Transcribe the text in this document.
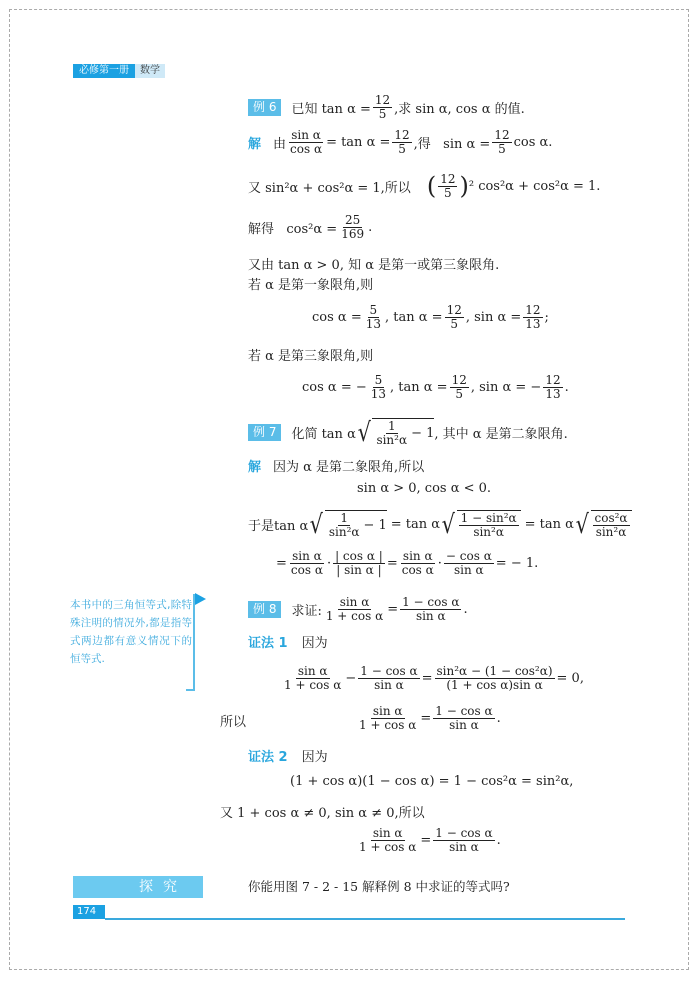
必修第一册	数学
例 6	已知 $\tan \alpha = \frac{12}{5}$ ,求 sin α, cos α 的值.
解 由 $\frac{\text{sin α}}{\text{cos α}} = \tan \alpha = \frac{12}{5}$ ,得   $\sin \alpha = \frac{12}{5}$ cos α.
又 sin²α + cos²α = 1,所以 ( $\frac{12}{5}$ ) ² cos²α + cos²α = 1.
解得   $\cos^2\alpha = \frac{25}{169}$ .
又由 tan α > 0, 知 α 是第一或第三象限角.
若 α 是第一象限角,则
$\cos \alpha = \frac{5}{13}$ , $\tan \alpha = \frac{12}{5}$ , $\sin \alpha = \frac{12}{13}$ ;
若 α 是第三象限角,则
cos α = − $\frac{5}{13}$ , $\tan \alpha = \frac{12}{5}$ , sin α = − $\frac{12}{13}$ .
例 7	化简 tan α √ $\frac{1}{\text{sin²α}} - 1$ , 其中 α 是第二象限角.
解 因为 α 是第二象限角,所以
sin α > 0, cos α < 0.
于是tan α √ $\frac{1}{\text{sin²α}} - 1 = \tan \alpha$ √ $\frac{\text{1 − sin²α}}{\text{sin²α}} = \tan \alpha$ √ $\frac{\text{cos²α}}{\text{sin²α}}$
= $\frac{\text{sin α}}{\text{cos α}} \cdot \frac{\text{| cos α |}}{\text{| sin α |}} = \frac{\text{sin α}}{\text{cos α}} \cdot \frac{\text{− cos α}}{\text{sin α}}$ = − 1.
本书中的三角恒等式,除特殊注明的情况外,都是指等式两边都有意义情况下的恒等式.
例 8	求证: $\frac{\text{sin α}}{\text{1 + cos α}} = \frac{\text{1 − cos α}}{\text{sin α}}$ .
证法 1 因为
$\frac{\text{sin α}}{\text{1 + cos α}} - \frac{\text{1 − cos α}}{\text{sin α}} = \frac{\text{sin²α − (1 − cos²α)}}{\text{(1 + cos α)sin α}} = 0$,
所以	$\frac{\text{sin α}}{\text{1 + cos α}} = \frac{\text{1 − cos α}}{\text{sin α}}$ .
证法 2 因为
(1 + cos α)(1 − cos α) = 1 − cos²α = sin²α,
又 1 + cos α ≠ 0, sin α ≠ 0,所以
$\frac{\text{sin α}}{\text{1 + cos α}} = \frac{\text{1 − cos α}}{\text{sin α}}$ .
探究	你能用图 7 - 2 - 15 解释例 8 中求证的等式吗?
174
